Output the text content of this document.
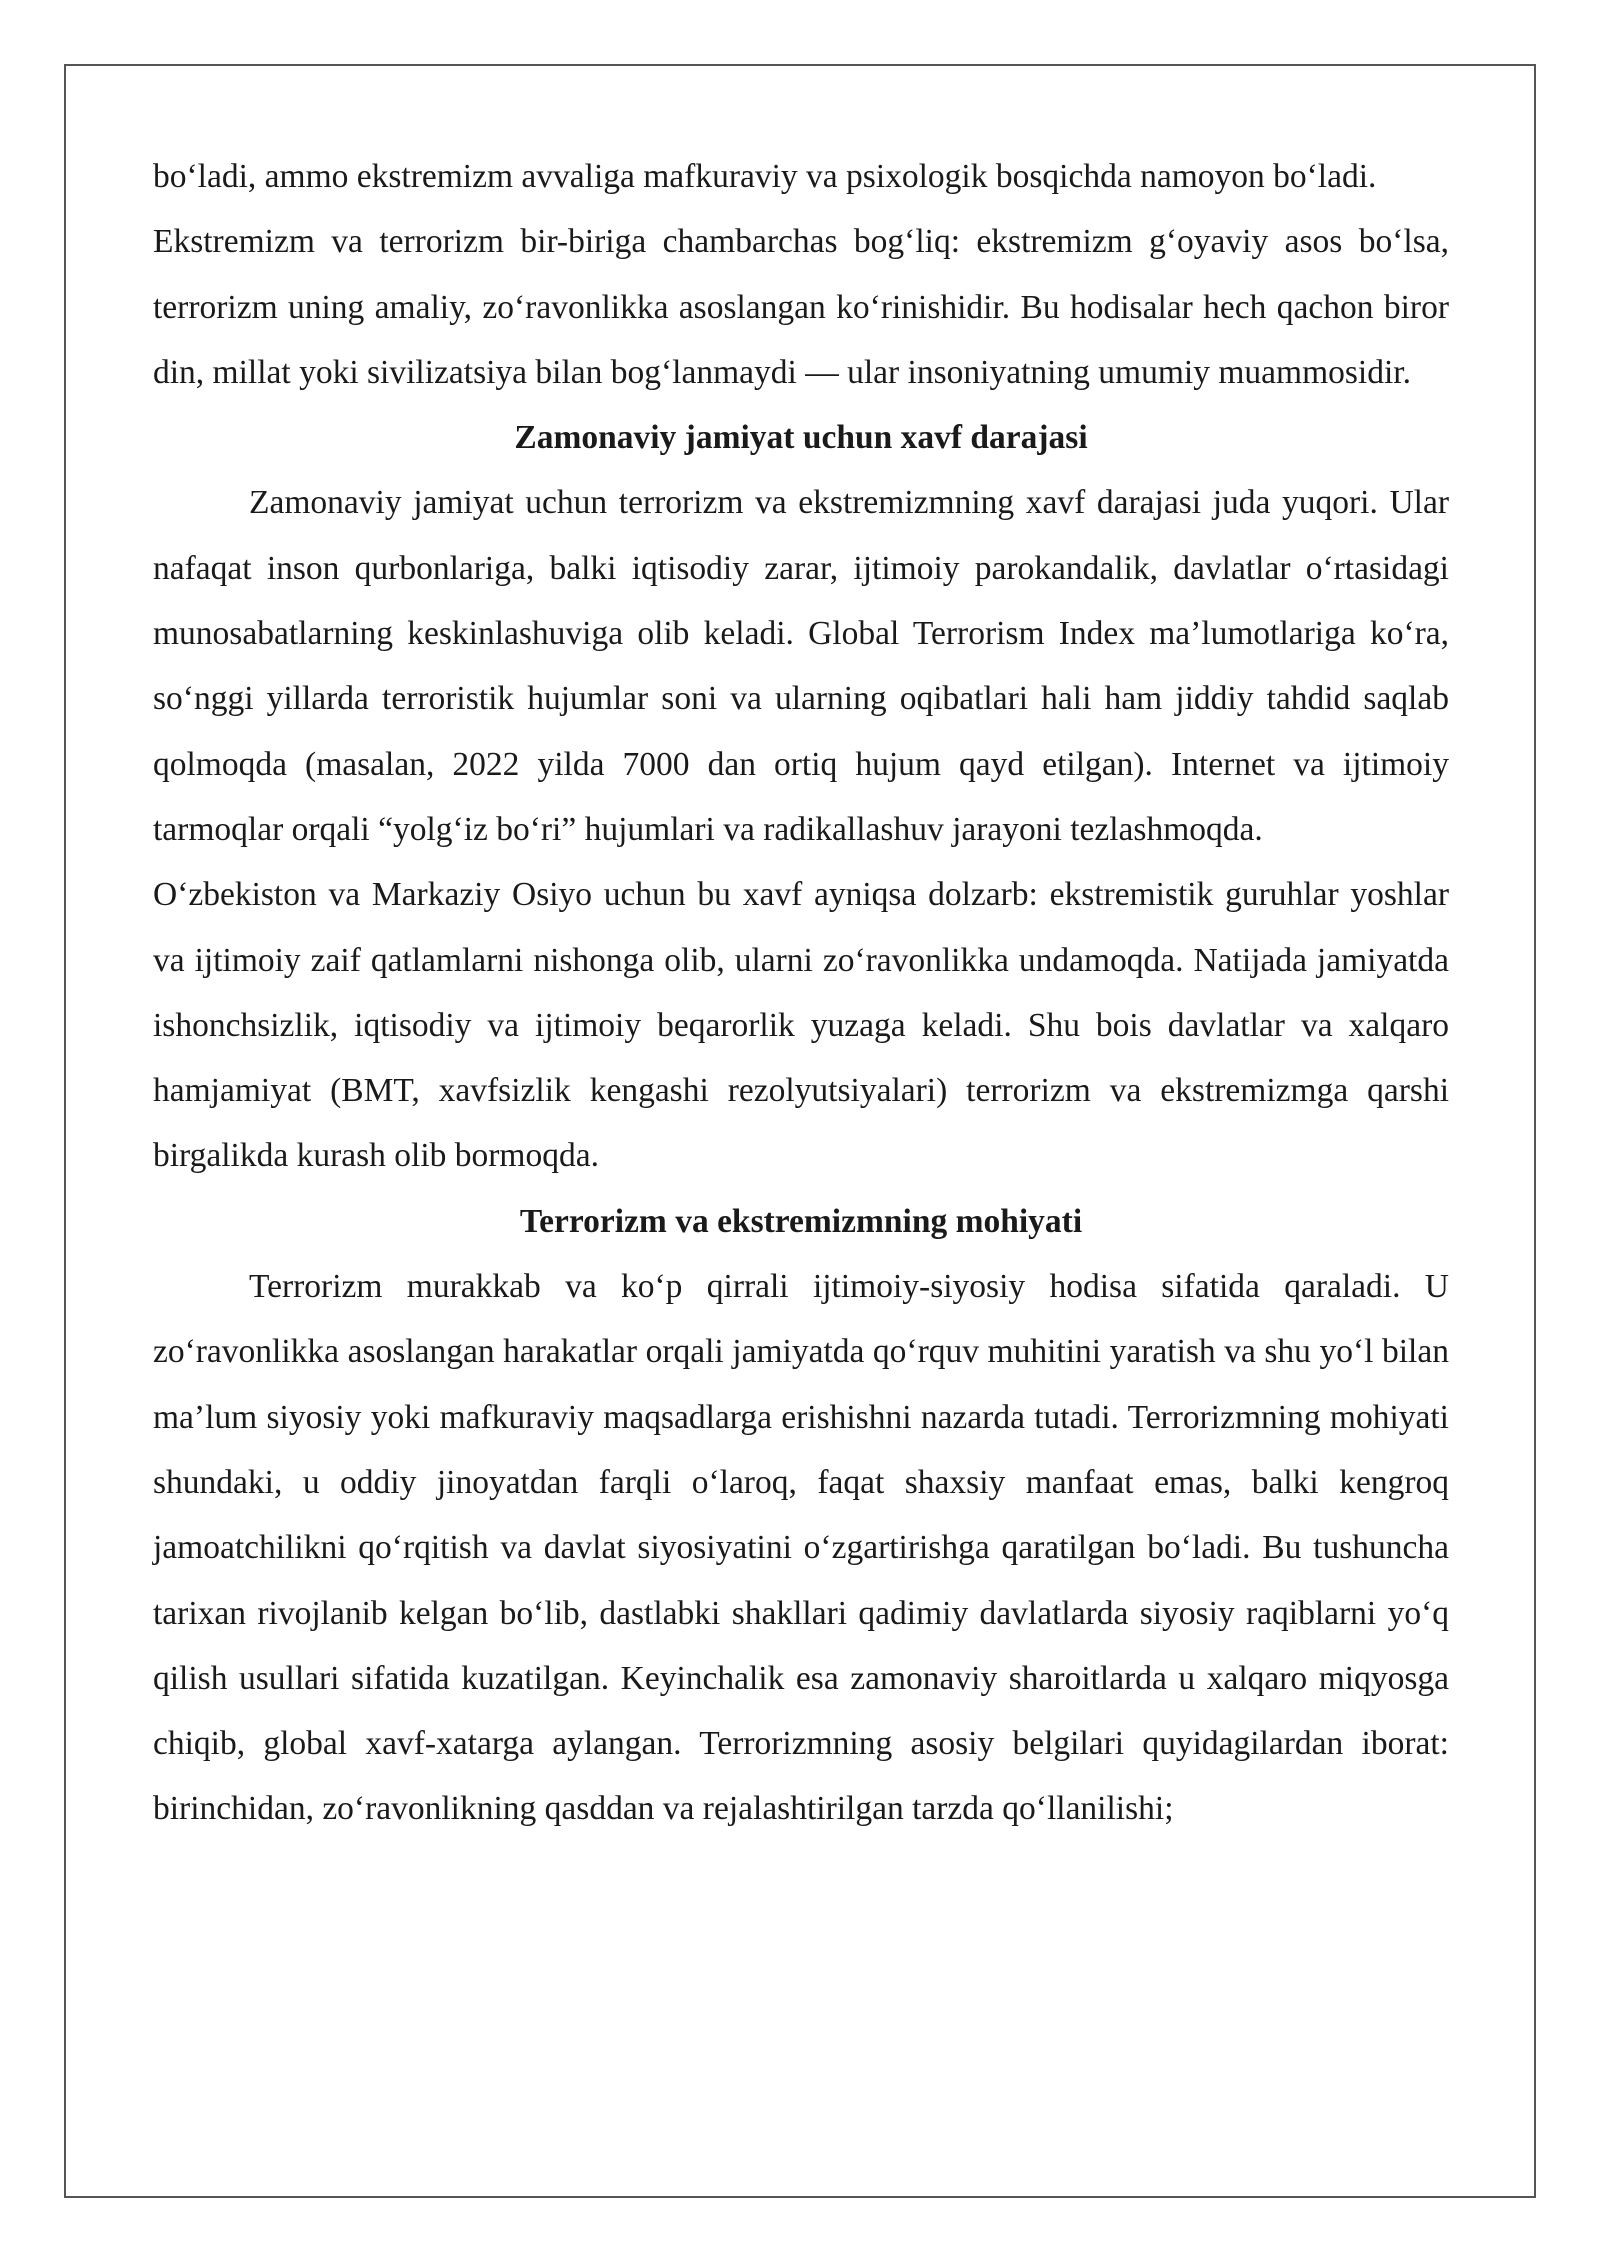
bo‘ladi, ammo ekstremizm avvaliga mafkuraviy va psixologik bosqichda namoyon bo‘ladi.

Ekstremizm va terrorizm bir-biriga chambarchas bog‘liq: ekstremizm g‘oyaviy asos bo‘lsa, terrorizm uning amaliy, zo‘ravonlikka asoslangan ko‘rinishidir. Bu hodisalar hech qachon biror din, millat yoki sivilizatsiya bilan bog‘lanmaydi — ular insoniyatning umumiy muammosidir.

Zamonaviy jamiyat uchun xavf darajasi

Zamonaviy jamiyat uchun terrorizm va ekstremizmning xavf darajasi juda yuqori. Ular nafaqat inson qurbonlariga, balki iqtisodiy zarar, ijtimoiy parokandalik, davlatlar o‘rtasidagi munosabatlarning keskinlashuviga olib keladi. Global Terrorism Index ma’lumotlariga ko‘ra, so‘nggi yillarda terroristik hujumlar soni va ularning oqibatlari hali ham jiddiy tahdid saqlab qolmoqda (masalan, 2022 yilda 7000 dan ortiq hujum qayd etilgan). Internet va ijtimoiy tarmoqlar orqali “yolg‘iz bo‘ri” hujumlari va radikallashuv jarayoni tezlashmoqda.

O‘zbekiston va Markaziy Osiyo uchun bu xavf ayniqsa dolzarb: ekstremistik guruhlar yoshlar va ijtimoiy zaif qatlamlarni nishonga olib, ularni zo‘ravonlikka undamoqda. Natijada jamiyatda ishonchsizlik, iqtisodiy va ijtimoiy beqarorlik yuzaga keladi. Shu bois davlatlar va xalqaro hamjamiyat (BMT, xavfsizlik kengashi rezolyutsiyalari) terrorizm va ekstremizmga qarshi birgalikda kurash olib bormoqda.

Terrorizm va ekstremizmning mohiyati

Terrorizm murakkab va ko‘p qirrali ijtimoiy-siyosiy hodisa sifatida qaraladi. U zo‘ravonlikka asoslangan harakatlar orqali jamiyatda qo‘rquv muhitini yaratish va shu yo‘l bilan ma’lum siyosiy yoki mafkuraviy maqsadlarga erishishni nazarda tutadi. Terrorizmning mohiyati shundaki, u oddiy jinoyatdan farqli o‘laroq, faqat shaxsiy manfaat emas, balki kengroq jamoatchilikni qo‘rqitish va davlat siyosiyatini o‘zgartirishga qaratilgan bo‘ladi. Bu tushuncha tarixan rivojlanib kelgan bo‘lib, dastlabki shakllari qadimiy davlatlarda siyosiy raqiblarni yo‘q qilish usullari sifatida kuzatilgan. Keyinchalik esa zamonaviy sharoitlarda u xalqaro miqyosga chiqib, global xavf-xatarga aylangan. Terrorizmning asosiy belgilari quyidagilardan iborat: birinchidan, zo‘ravonlikning qasddan va rejalashtirilgan tarzda qo‘llanilishi;
